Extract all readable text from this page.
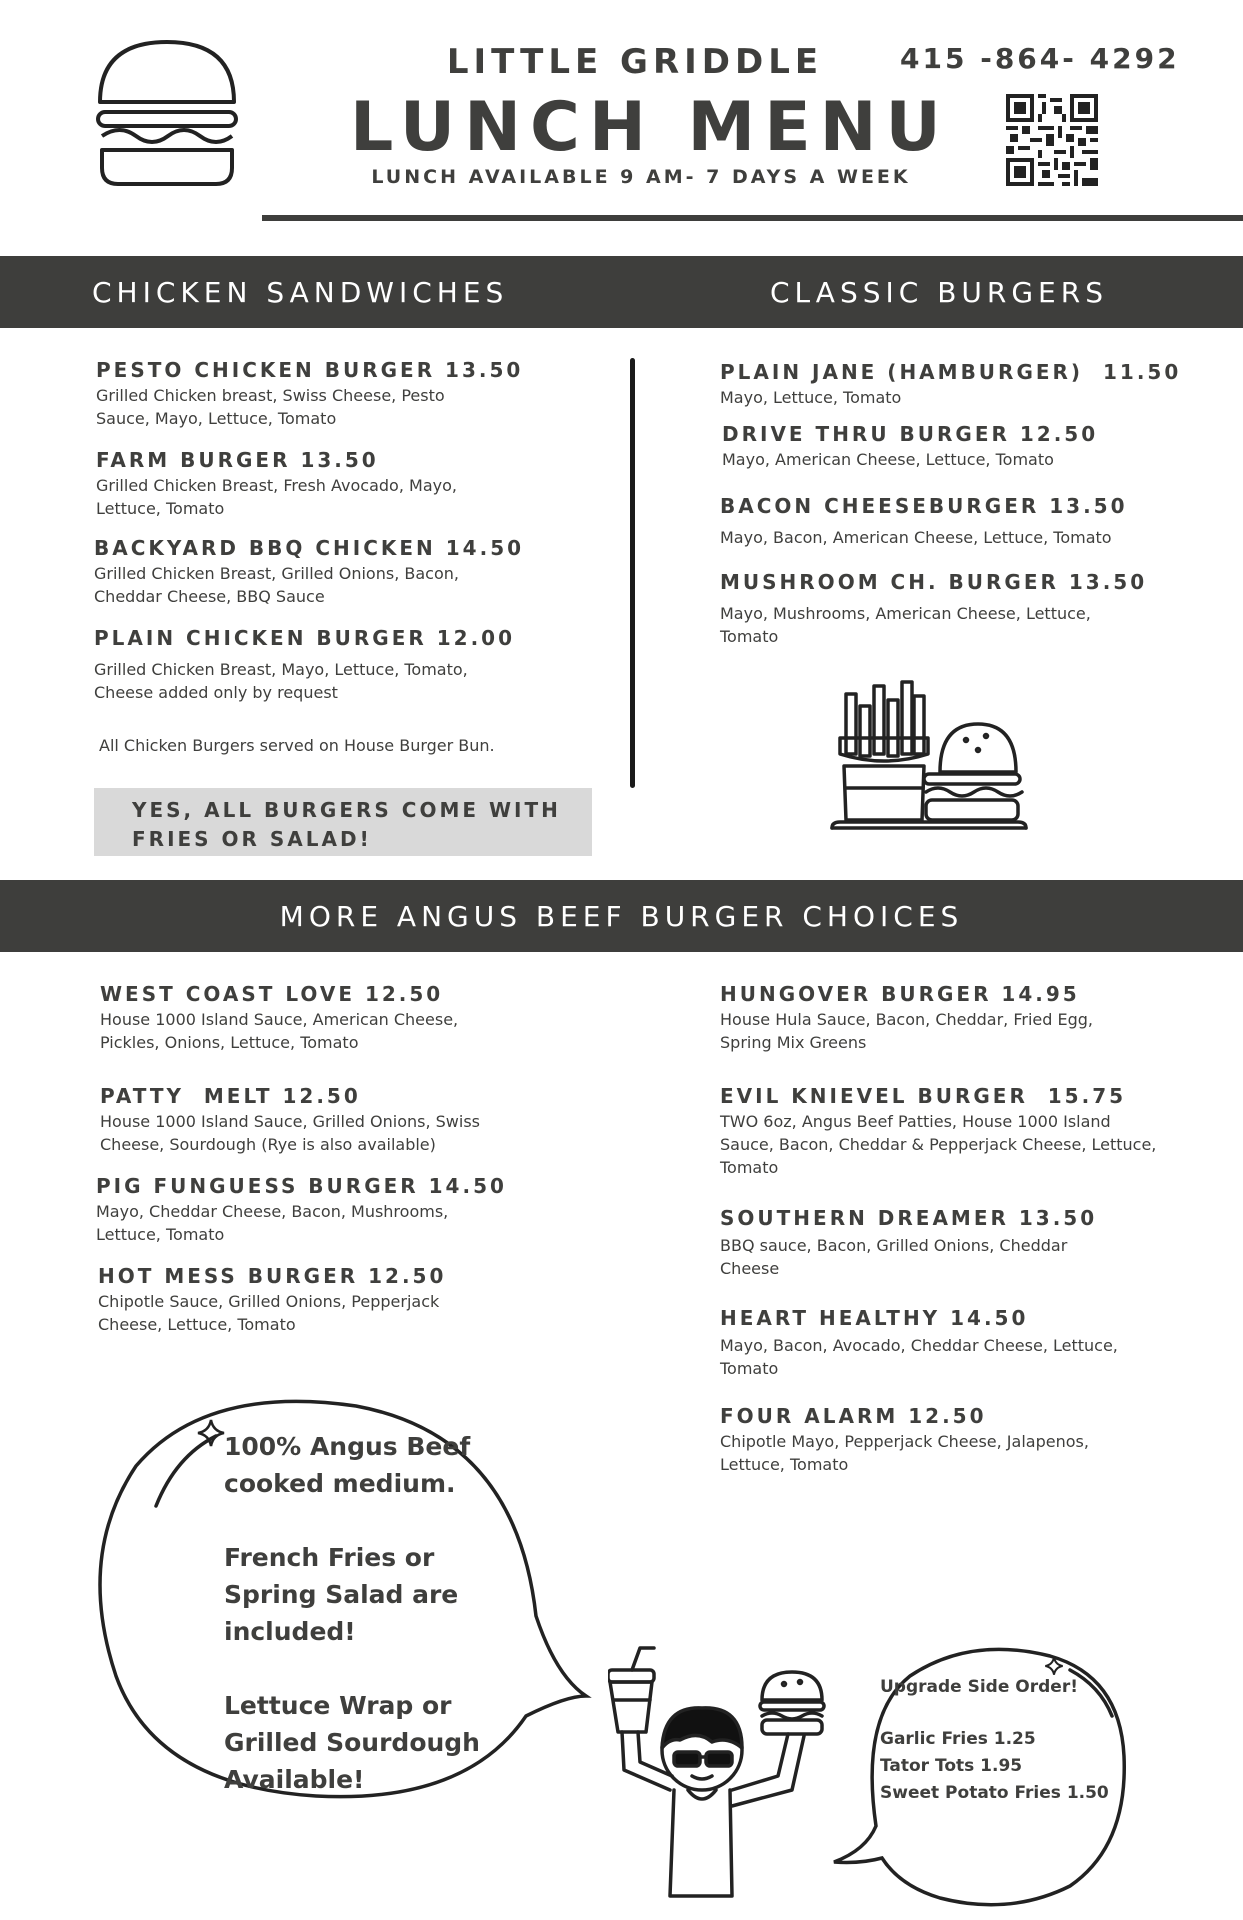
LITTLE GRIDDLE
LUNCH MENU
LUNCH AVAILABLE 9 AM- 7 DAYS A WEEK
415 -864- 4292
CHICKEN SANDWICHES	CLASSIC BURGERS
PESTO CHICKEN BURGER 13.50
Grilled Chicken breast, Swiss Cheese, Pesto Sauce, Mayo, Lettuce, Tomato
FARM BURGER 13.50
Grilled Chicken Breast, Fresh Avocado, Mayo, Lettuce, Tomato
BACKYARD BBQ CHICKEN 14.50
Grilled Chicken Breast, Grilled Onions, Bacon, Cheddar Cheese, BBQ Sauce
PLAIN CHICKEN BURGER 12.00
Grilled Chicken Breast, Mayo, Lettuce, Tomato, Cheese added only by request
All Chicken Burgers served on House Burger Bun.
YES, ALL BURGERS COME WITH FRIES OR SALAD!
PLAIN JANE (HAMBURGER)  11.50
Mayo, Lettuce, Tomato
DRIVE THRU BURGER 12.50
Mayo, American Cheese, Lettuce, Tomato
BACON CHEESEBURGER 13.50
Mayo, Bacon, American Cheese, Lettuce, Tomato
MUSHROOM CH. BURGER 13.50
Mayo, Mushrooms, American Cheese, Lettuce, Tomato
MORE ANGUS BEEF BURGER CHOICES
WEST COAST LOVE 12.50
House 1000 Island Sauce, American Cheese, Pickles, Onions, Lettuce, Tomato
PATTY  MELT 12.50
House 1000 Island Sauce, Grilled Onions, Swiss Cheese, Sourdough (Rye is also available)
PIG FUNGUESS BURGER 14.50
Mayo, Cheddar Cheese, Bacon, Mushrooms, Lettuce, Tomato
HOT MESS BURGER 12.50
Chipotle Sauce, Grilled Onions, Pepperjack Cheese, Lettuce, Tomato
HUNGOVER BURGER 14.95
House Hula Sauce, Bacon, Cheddar, Fried Egg, Spring Mix Greens
EVIL KNIEVEL BURGER  15.75
TWO 6oz, Angus Beef Patties, House 1000 Island Sauce, Bacon, Cheddar & Pepperjack Cheese, Lettuce, Tomato
SOUTHERN DREAMER 13.50
BBQ sauce, Bacon, Grilled Onions, Cheddar Cheese
HEART HEALTHY 14.50
Mayo, Bacon, Avocado, Cheddar Cheese, Lettuce, Tomato
FOUR ALARM 12.50
Chipotle Mayo, Pepperjack Cheese, Jalapenos, Lettuce, Tomato
100% Angus Beef
cooked medium.
French Fries or
Spring Salad are
included!
Lettuce Wrap or
Grilled Sourdough
Available!
Upgrade Side Order!
Garlic Fries 1.25
Tator Tots 1.95
Sweet Potato Fries 1.50
